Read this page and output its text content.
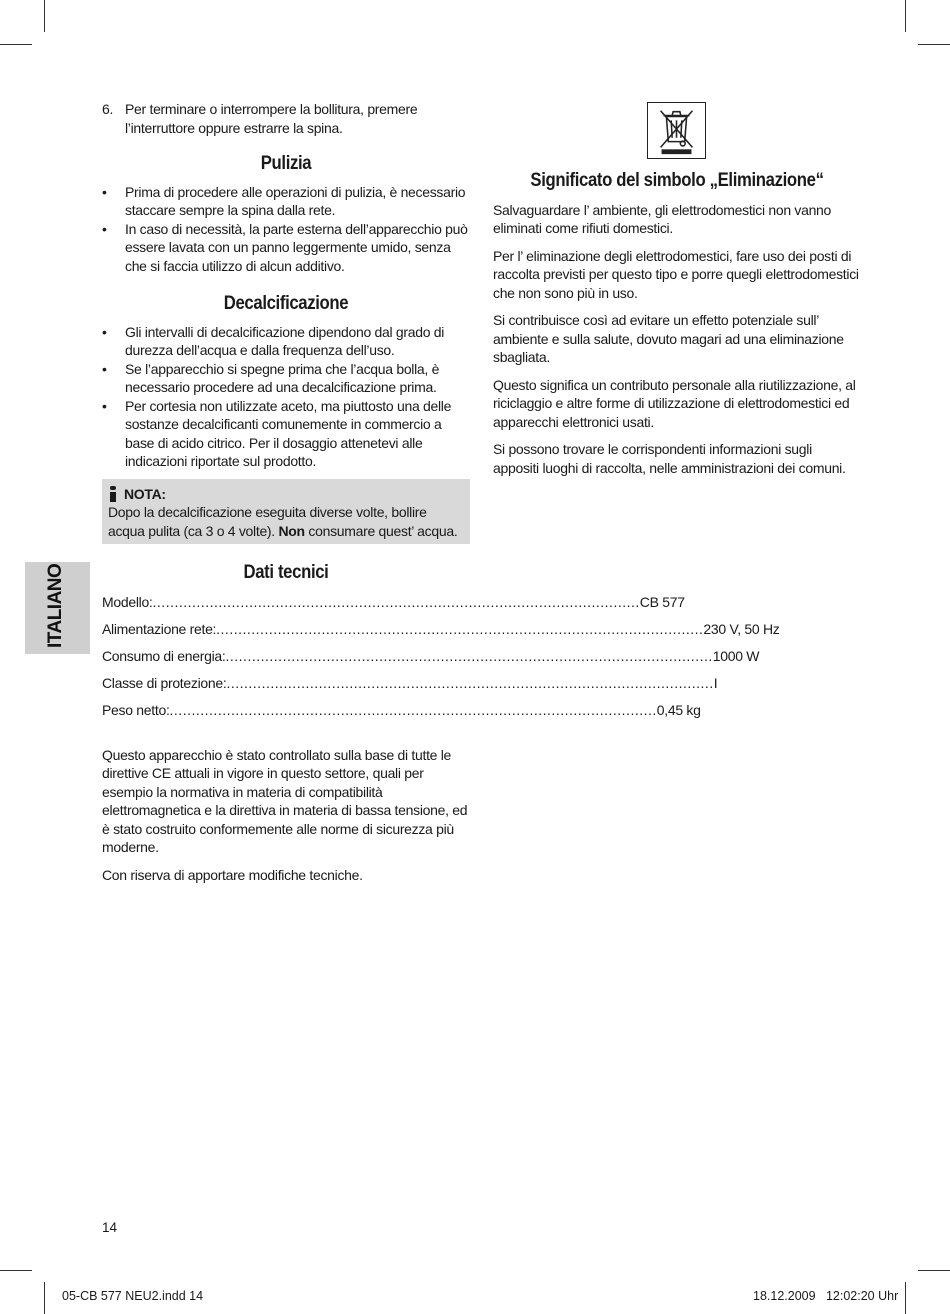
6. Per terminare o interrompere la bollitura, premere l’interruttore oppure estrarre la spina.
Pulizia
•	Prima di procedere alle operazioni di pulizia, è necessario staccare sempre la spina dalla rete.
•	In caso di necessità, la parte esterna dell’apparecchio può essere lavata con un panno leggermente umido, senza che si faccia utilizzo di alcun additivo.
Decalcificazione
•	Gli intervalli di decalcificazione dipendono dal grado di durezza dell’acqua e dalla frequenza dell’uso.
•	Se l’apparecchio si spegne prima che l’acqua bolla, è necessario procedere ad una decalcificazione prima.
•	Per cortesia non utilizzate aceto, ma piuttosto una delle sostanze decalcificanti comunemente in commercio a base di acido citrico. Per il dosaggio attenetevi alle indicazioni riportate sul prodotto.
NOTA:
Dopo la decalcificazione eseguita diverse volte, bollire acqua pulita (ca 3 o 4 volte). Non consumare quest’ acqua.
Dati tecnici
Modello: ............................................................................................................... CB 577
Alimentazione rete: ............................................................................................................... 230 V, 50 Hz
Consumo di energia: ............................................................................................................... 1000 W
Classe di protezione: ............................................................................................................... I
Peso netto: ............................................................................................................... 0,45 kg

Questo apparecchio è stato controllato sulla base di tutte le direttive CE attuali in vigore in questo settore, quali per esempio la normativa in materia di compatibilità elettromagnetica e la direttiva in materia di bassa tensione, ed è stato costruito conformemente alle norme di sicurezza più moderne.

Con riserva di apportare modifiche tecniche.

Significato del simbolo „Eliminazione“

Salvaguardare l’ ambiente, gli elettrodomestici non vanno eliminati come rifiuti domestici.

Per l’ eliminazione degli elettrodomestici, fare uso dei posti di raccolta previsti per questo tipo e porre quegli elettrodomestici che non sono più in uso.

Si contribuisce così ad evitare un effetto potenziale sull’ ambiente e sulla salute, dovuto magari ad una eliminazione sbagliata.

Questo significa un contributo personale alla riutilizzazione, al riciclaggio e altre forme di utilizzazione di elettrodomestici ed apparecchi elettronici usati.

Si possono trovare le corrispondenti informazioni sugli appositi luoghi di raccolta, nelle amministrazioni dei comuni.

ITALIANO
14
05-CB 577 NEU2.indd 14	18.12.2009   12:02:20 Uhr
